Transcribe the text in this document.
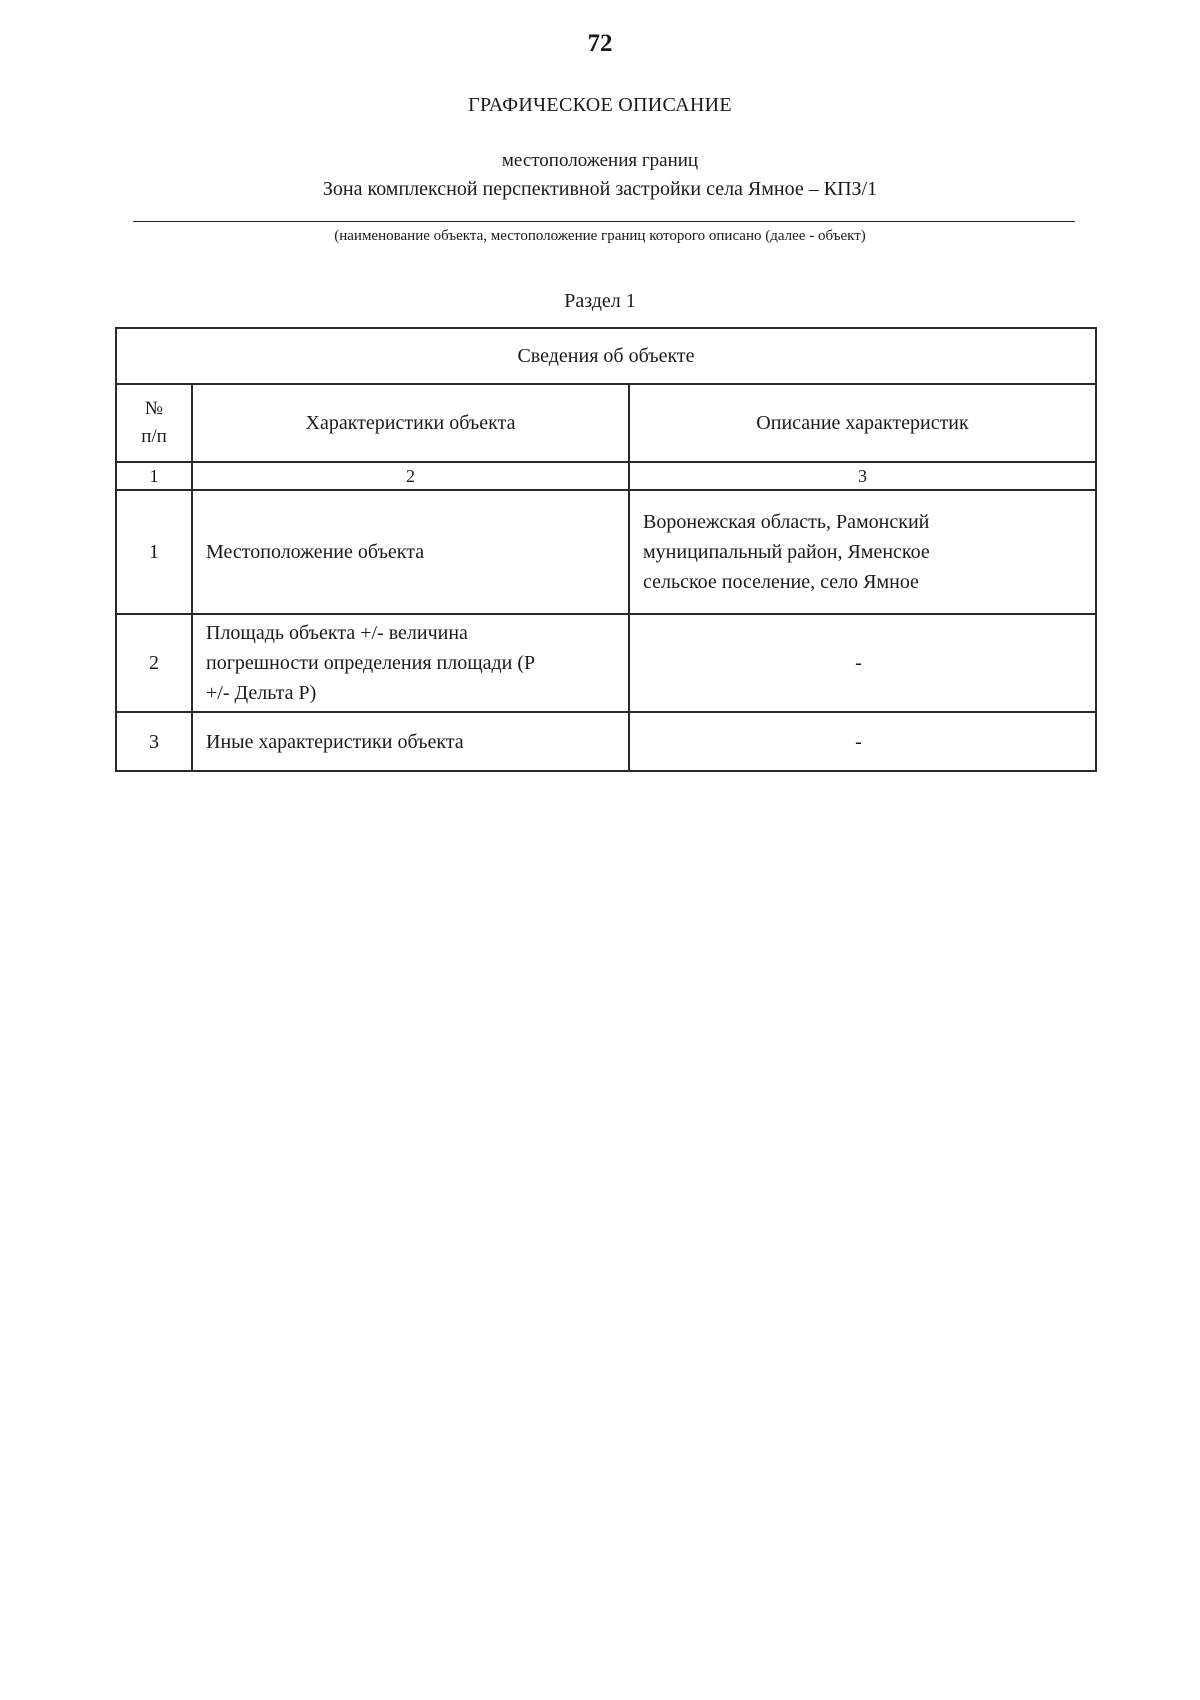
72
ГРАФИЧЕСКОЕ ОПИСАНИЕ
местоположения границ
Зона комплексной перспективной застройки села Ямное – КПЗ/1
(наименование объекта, местоположение границ которого описано (далее - объект)
Раздел 1
Сведения об объекте		
№
п/п	Характеристики объекта	Описание характеристик
1	2	3
1	Местоположение объекта	Воронежская область, Рамонский
муниципальный район, Яменское
сельское поселение, село Ямное
2	Площадь объекта +/- величина
погрешности определения площади (P
+/- Дельта P)	-
3	Иные характеристики объекта	-
